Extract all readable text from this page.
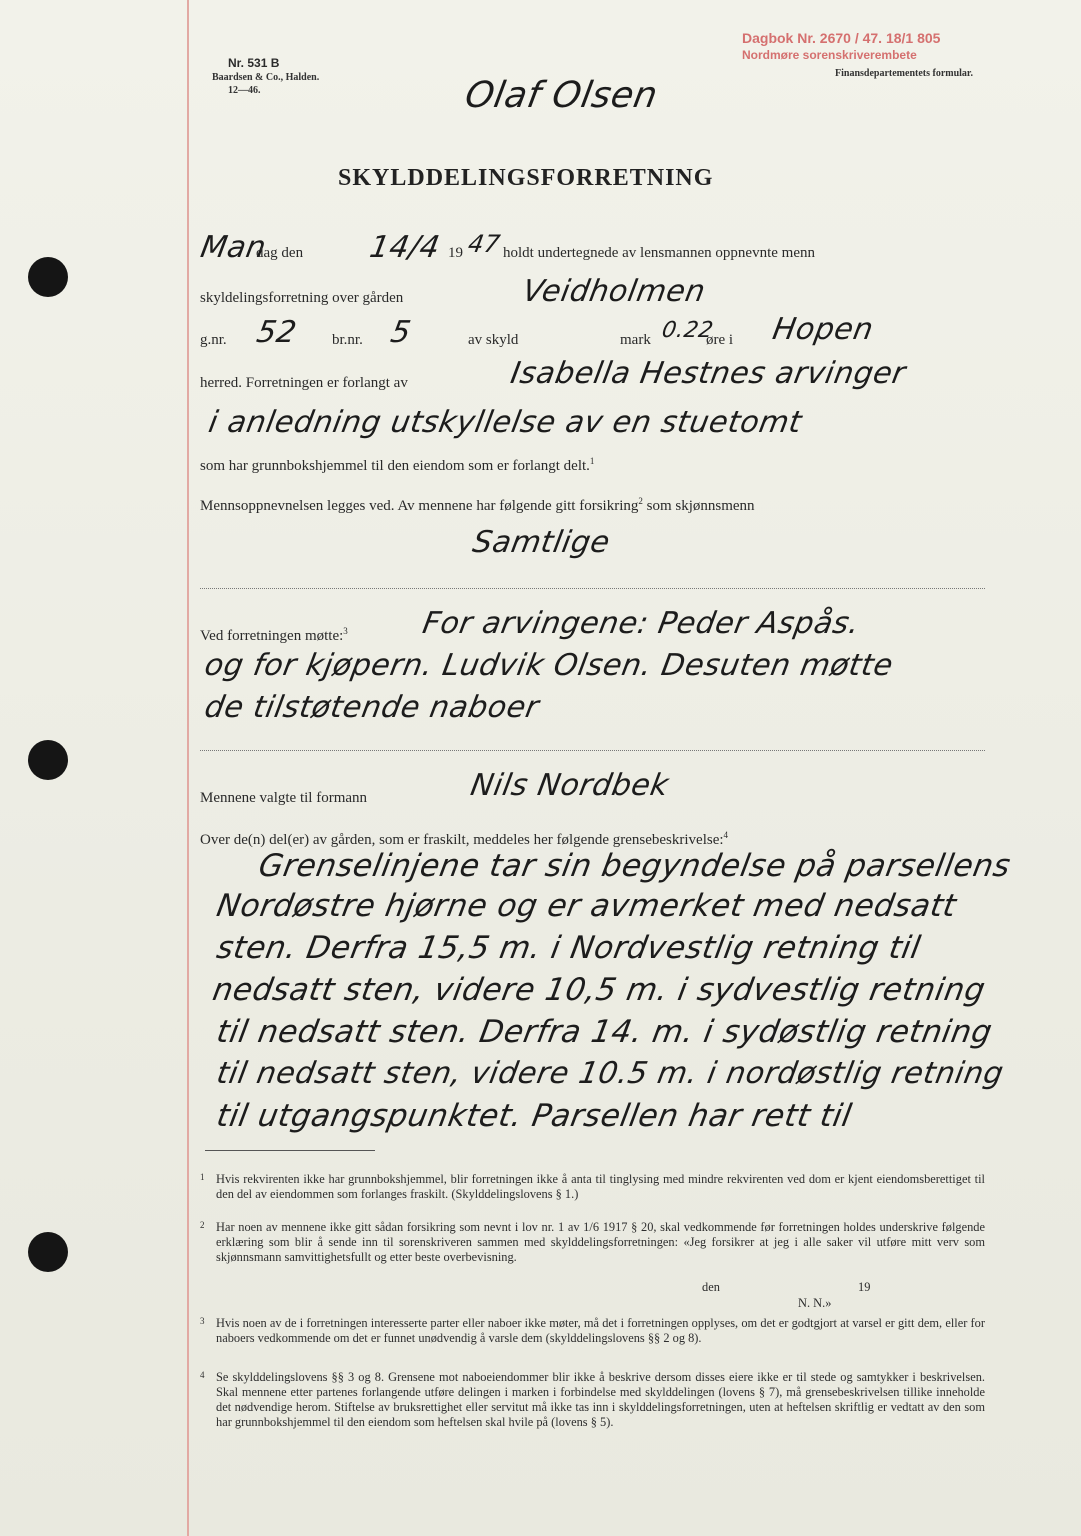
Nr. 531 B
Baardsen & Co., Halden.
12—46.
Dagbok Nr. 2670 / 47. 18/1 805
Nordmøre sorenskriverembete
Finansdepartementets formular.
Olaf Olsen
SKYLDDELINGSFORRETNING
Man
dag den 14/4 19 47 holdt undertegnede av lensmannen oppnevnte menn
skyldelingsforretning over gården	Veidholmen
g.nr. 52 br.nr. 5	av skyld	mark 0.22
øre i Hopen
herred. Forretningen er forlangt av	Isabella Hestnes arvinger
i anledning utskyllelse av en stuetomt
som har grunnbokshjemmel til den eiendom som er forlangt delt.$^1$
Mennsoppnevnelsen legges ved. Av mennene har følgende gitt forsikring$^2$ som skjønnsmenn
Samtlige
Ved forretningen møtte:$^3$ For arvingene: Peder Aspås.
og for kjøpern. Ludvik Olsen. Desuten møtte
de tilstøtende naboer
Mennene valgte til formann	Nils Nordbek
Over de(n) del(er) av gården, som er fraskilt, meddeles her følgende grensebeskrivelse:$^4$
Grenselinjene tar sin begyndelse på parsellens
Nordøstre hjørne og er avmerket med nedsatt
sten. Derfra 15,5 m. i Nordvestlig retning til
nedsatt sten, videre 10,5 m. i sydvestlig retning
til nedsatt sten. Derfra 14. m. i sydøstlig retning
til nedsatt sten, videre 10.5 m. i nordøstlig retning
til utgangspunktet. Parsellen har rett til
1 Hvis rekvirenten ikke har grunnbokshjemmel, blir forretningen ikke å anta til tinglysing med mindre rekvirenten ved dom er kjent eiendomsberettiget til den del av eiendommen som forlanges fraskilt. (Skylddelingslovens § 1.)
2 Har noen av mennene ikke gitt sådan forsikring som nevnt i lov nr. 1 av 1/6 1917 § 20, skal vedkommende før forretningen holdes underskrive følgende erklæring som blir å sende inn til sorenskriveren sammen med skylddelingsforretningen: «Jeg forsikrer at jeg i alle saker vil utføre mitt verv som skjønnsmann samvittighetsfullt og etter beste overbevisning.
den	19
N. N.»
3 Hvis noen av de i forretningen interesserte parter eller naboer ikke møter, må det i forretningen opplyses, om det er godtgjort at varsel er gitt dem, eller for naboers vedkommende om det er funnet unødvendig å varsle dem (skylddelingslovens §§ 2 og 8).
4 Se skylddelingslovens §§ 3 og 8. Grensene mot naboeiendommer blir ikke å beskrive dersom disses eiere ikke er til stede og samtykker i beskrivelsen. Skal mennene etter partenes forlangende utføre delingen i marken i forbindelse med skylddelingen (lovens § 7), må grensebeskrivelsen tillike inneholde det nødvendige herom. Stiftelse av bruksrettighet eller servitut må ikke tas inn i skylddelingsforretningen, uten at heftelsen skriftlig er vedtatt av den som har grunnbokshjemmel til den eiendom som heftelsen skal hvile på (lovens § 5).
